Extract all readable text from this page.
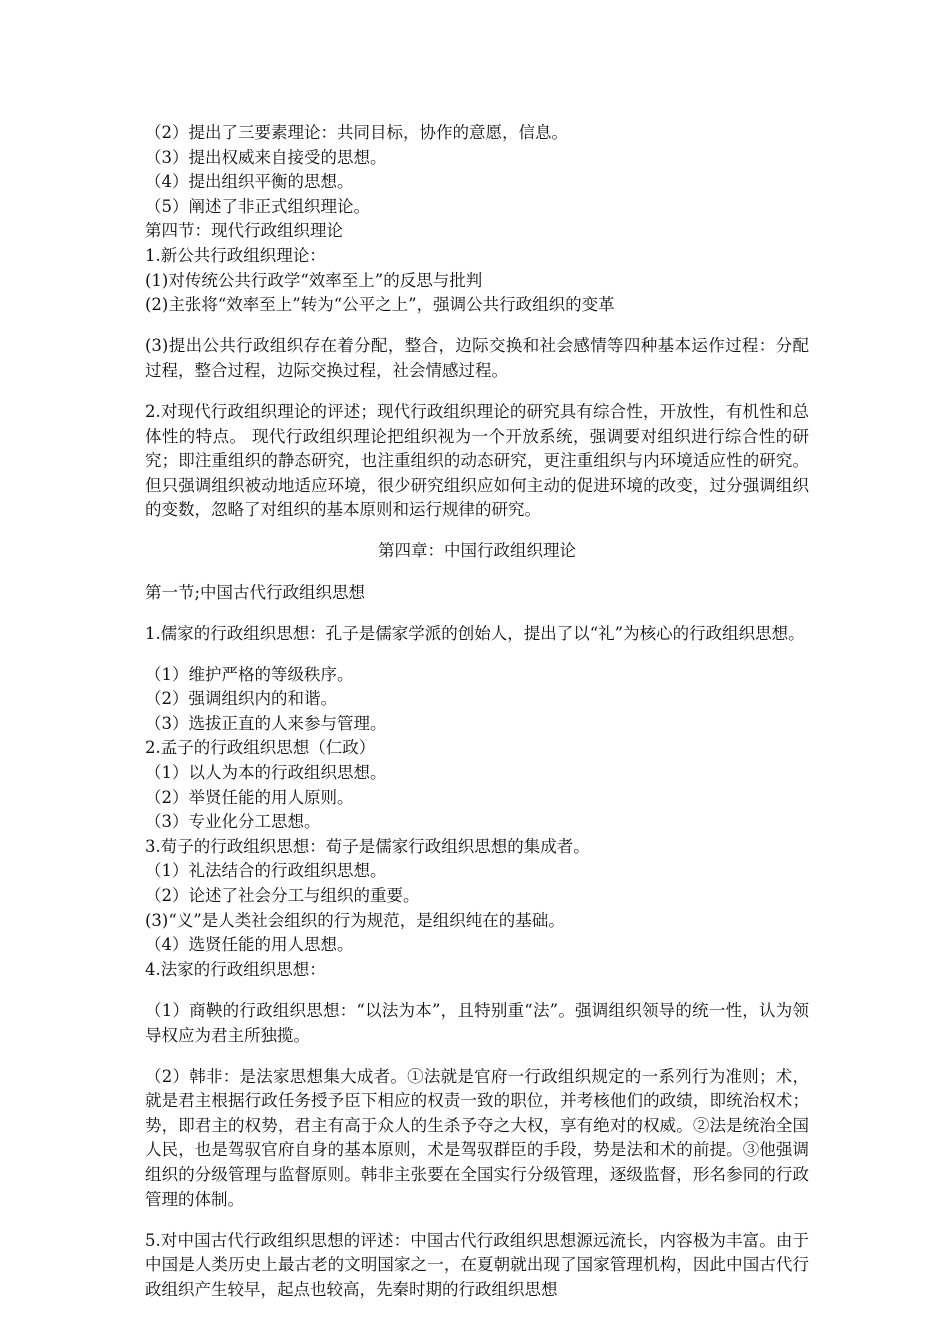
（2）提出了三要素理论：共同目标，协作的意愿，信息。

（3）提出权威来自接受的思想。

（4）提出组织平衡的思想。

（5）阐述了非正式组织理论。

第四节：现代行政组织理论

1.新公共行政组织理论：

(1)对传统公共行政学“效率至上”的反思与批判

(2)主张将“效率至上”转为“公平之上”，强调公共行政组织的变革

(3)提出公共行政组织存在着分配，整合，边际交换和社会感情等四种基本运作过程：分配过程，整合过程，边际交换过程，社会情感过程。

2.对现代行政组织理论的评述；现代行政组织理论的研究具有综合性，开放性，有机性和总体性的特点。 现代行政组织理论把组织视为一个开放系统，强调要对组织进行综合性的研究；即注重组织的静态研究，也注重组织的动态研究，更注重组织与内环境适应性的研究。 但只强调组织被动地适应环境，很少研究组织应如何主动的促进环境的改变，过分强调组织的变数，忽略了对组织的基本原则和运行规律的研究。

第四章：中国行政组织理论

第一节;中国古代行政组织思想

1.儒家的行政组织思想：孔子是儒家学派的创始人，提出了以“礼”为核心的行政组织思想。

（1）维护严格的等级秩序。

（2）强调组织内的和谐。

（3）选拔正直的人来参与管理。

2.孟子的行政组织思想（仁政）

（1）以人为本的行政组织思想。

（2）举贤任能的用人原则。

（3）专业化分工思想。

3.荀子的行政组织思想：荀子是儒家行政组织思想的集成者。

（1）礼法结合的行政组织思想。

（2）论述了社会分工与组织的重要。

(3)“义”是人类社会组织的行为规范，是组织纯在的基础。

（4）选贤任能的用人思想。

4.法家的行政组织思想：

（1）商鞅的行政组织思想：“以法为本”，且特别重“法”。强调组织领导的统一性，认为领导权应为君主所独揽。

（2）韩非：是法家思想集大成者。①法就是官府一行政组织规定的一系列行为准则；术，就是君主根据行政任务授予臣下相应的权责一致的职位，并考核他们的政绩，即统治权术；势，即君主的权势，君主有高于众人的生杀予夺之大权，享有绝对的权威。②法是统治全国人民，也是驾驭官府自身的基本原则，术是驾驭群臣的手段，势是法和术的前提。③他强调组织的分级管理与监督原则。韩非主张要在全国实行分级管理，逐级监督，形名参同的行政管理的体制。

5.对中国古代行政组织思想的评述：中国古代行政组织思想源远流长，内容极为丰富。由于中国是人类历史上最古老的文明国家之一，在夏朝就出现了国家管理机构，因此中国古代行政组织产生较早，起点也较高，先秦时期的行政组织思想
